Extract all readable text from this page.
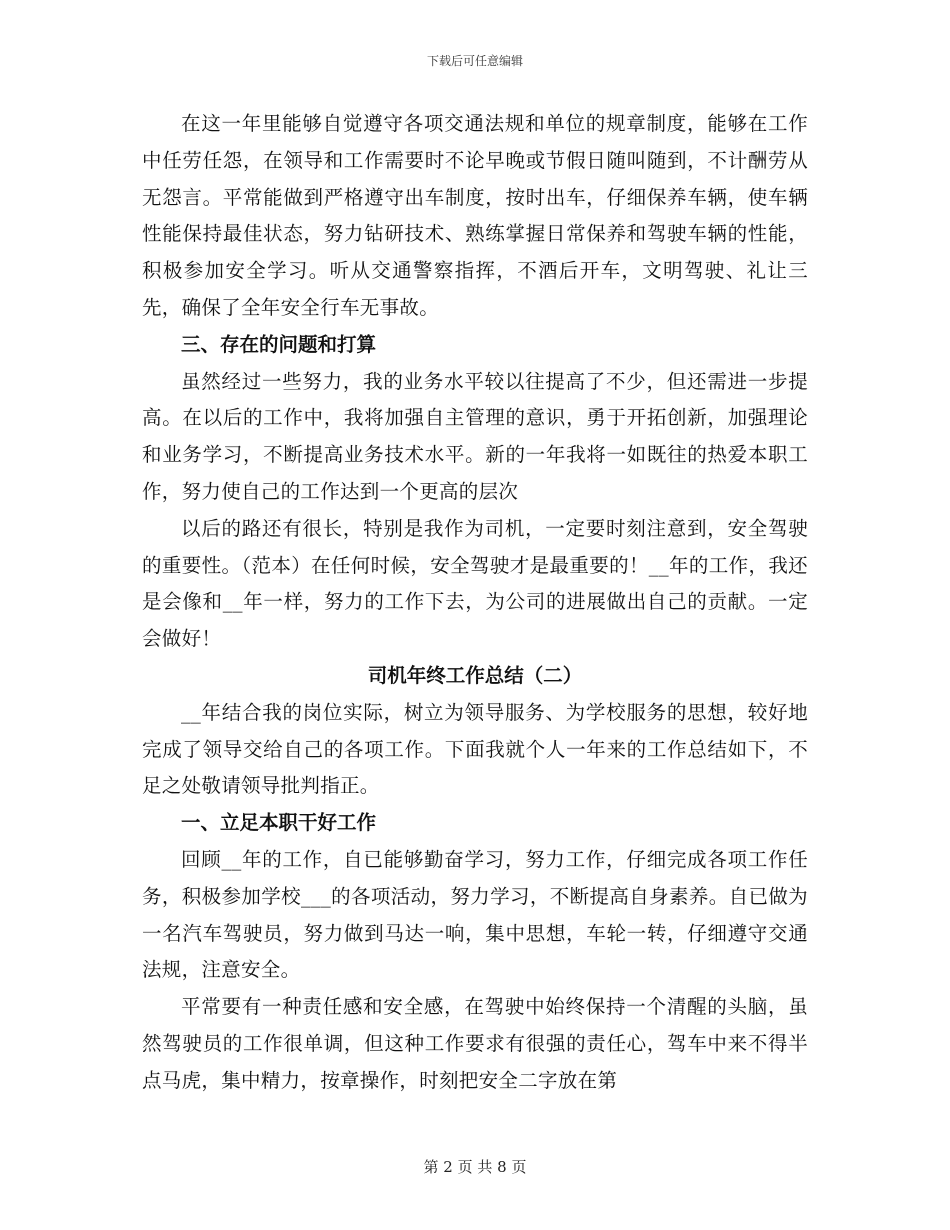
下载后可任意编辑

在这一年里能够自觉遵守各项交通法规和单位的规章制度，能够在工作中任劳任怨，在领导和工作需要时不论早晚或节假日随叫随到，不计酬劳从无怨言。平常能做到严格遵守出车制度，按时出车，仔细保养车辆，使车辆性能保持最佳状态，努力钻研技术、熟练掌握日常保养和驾驶车辆的性能，积极参加安全学习。听从交通警察指挥，不酒后开车，文明驾驶、礼让三先，确保了全年安全行车无事故。

三、存在的问题和打算

虽然经过一些努力，我的业务水平较以往提高了不少，但还需进一步提高。在以后的工作中，我将加强自主管理的意识，勇于开拓创新，加强理论和业务学习，不断提高业务技术水平。新的一年我将一如既往的热爱本职工作，努力使自己的工作达到一个更高的层次

以后的路还有很长，特别是我作为司机，一定要时刻注意到，安全驾驶的重要性。（范本）在任何时候，安全驾驶才是最重要的！__年的工作，我还是会像和__年一样，努力的工作下去，为公司的进展做出自己的贡献。一定会做好！

司机年终工作总结（二）

__年结合我的岗位实际，树立为领导服务、为学校服务的思想，较好地完成了领导交给自己的各项工作。下面我就个人一年来的工作总结如下，不足之处敬请领导批判指正。

一、立足本职干好工作

回顾__年的工作，自已能够勤奋学习，努力工作，仔细完成各项工作任务，积极参加学校___的各项活动，努力学习，不断提高自身素养。自已做为一名汽车驾驶员，努力做到马达一响，集中思想，车轮一转，仔细遵守交通法规，注意安全。

平常要有一种责任感和安全感，在驾驶中始终保持一个清醒的头脑，虽然驾驶员的工作很单调，但这种工作要求有很强的责任心，驾车中来不得半点马虎，集中精力，按章操作，时刻把安全二字放在第

第 2 页 共 8 页
